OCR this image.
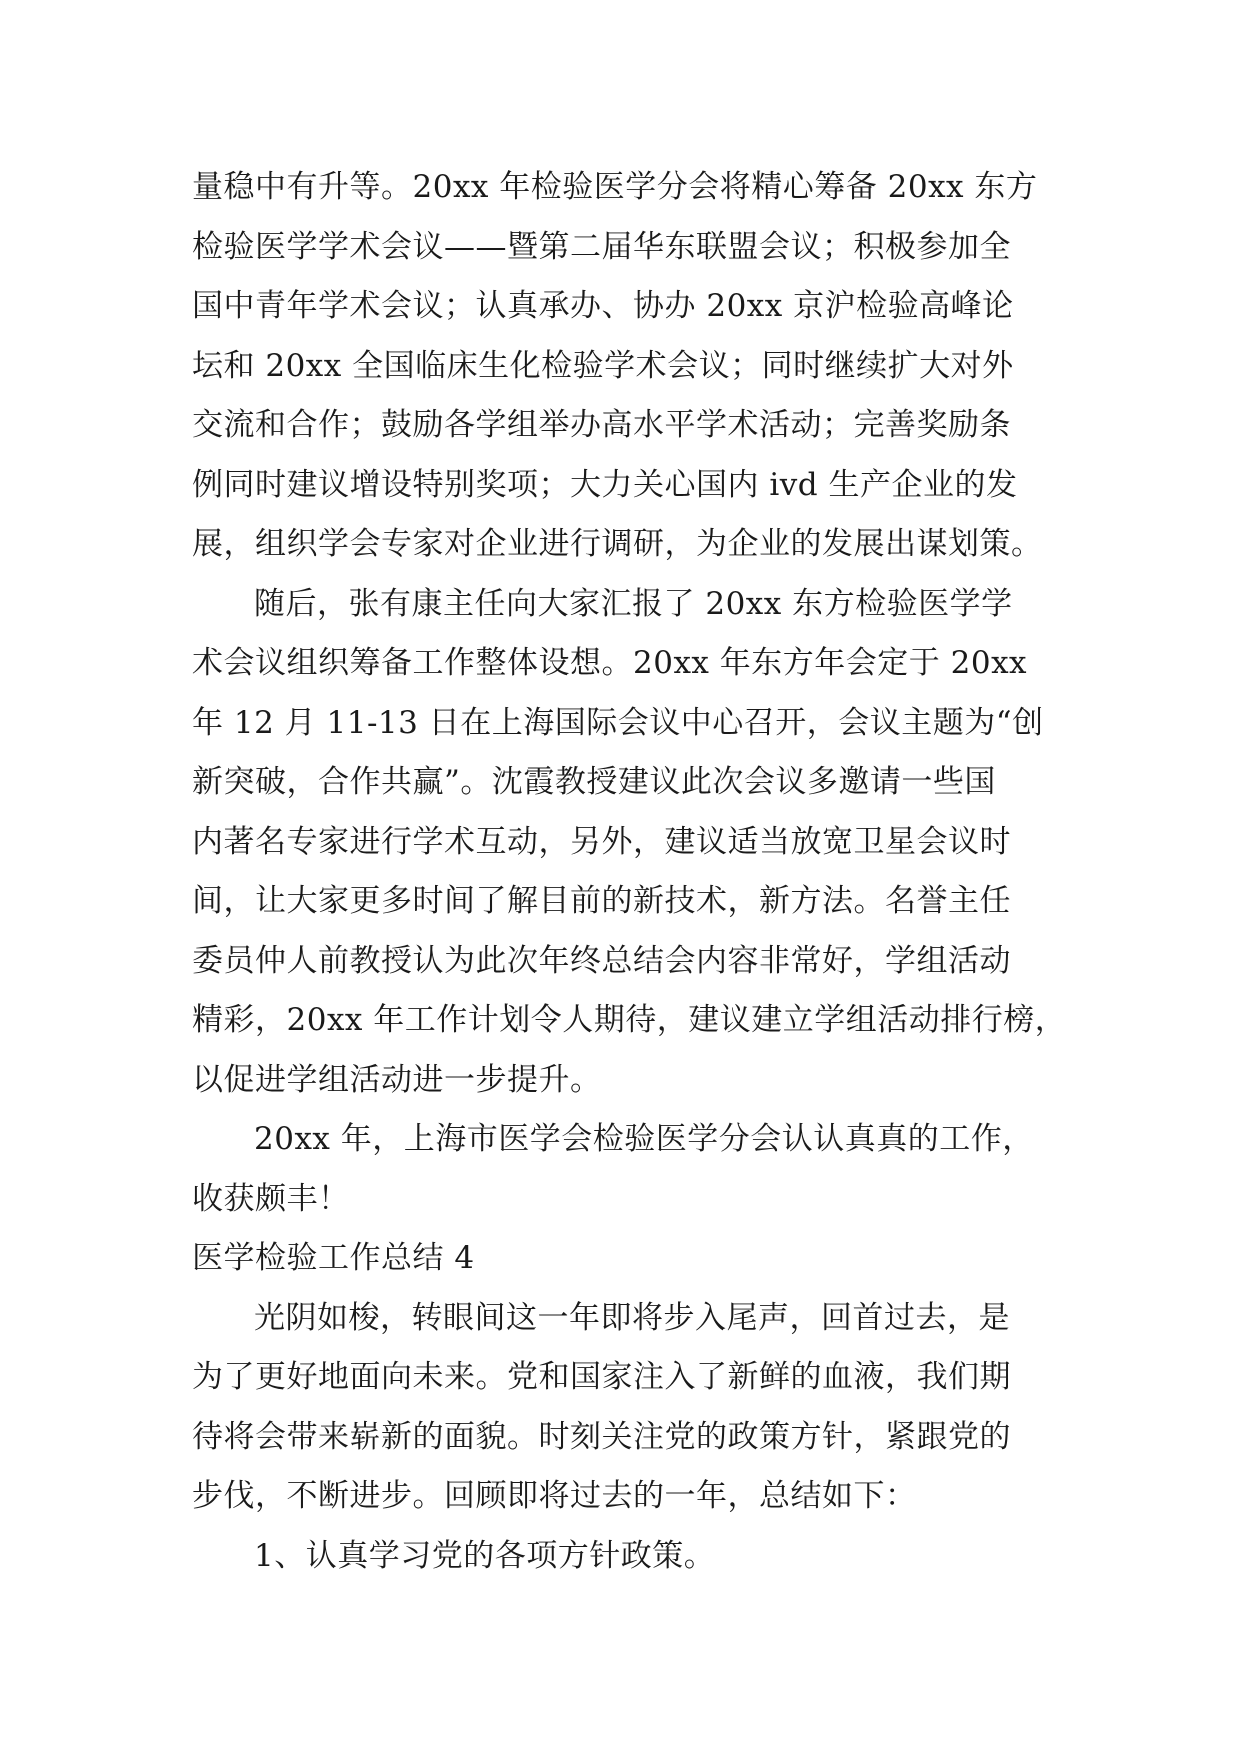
量稳中有升等。20xx 年检验医学分会将精心筹备 20xx 东方
检验医学学术会议——暨第二届华东联盟会议；积极参加全
国中青年学术会议；认真承办、协办 20xx 京沪检验高峰论
坛和 20xx 全国临床生化检验学术会议；同时继续扩大对外
交流和合作；鼓励各学组举办高水平学术活动；完善奖励条
例同时建议增设特别奖项；大力关心国内 ivd 生产企业的发
展，组织学会专家对企业进行调研，为企业的发展出谋划策。
随后，张有康主任向大家汇报了 20xx 东方检验医学学
术会议组织筹备工作整体设想。20xx 年东方年会定于 20xx
年 12 月 11-13 日在上海国际会议中心召开，会议主题为“创
新突破，合作共赢”。沈霞教授建议此次会议多邀请一些国
内著名专家进行学术互动，另外，建议适当放宽卫星会议时
间，让大家更多时间了解目前的新技术，新方法。名誉主任
委员仲人前教授认为此次年终总结会内容非常好，学组活动
精彩，20xx 年工作计划令人期待，建议建立学组活动排行榜，
以促进学组活动进一步提升。
20xx 年，上海市医学会检验医学分会认认真真的工作，
收获颇丰！
医学检验工作总结 4
光阴如梭，转眼间这一年即将步入尾声，回首过去，是
为了更好地面向未来。党和国家注入了新鲜的血液，我们期
待将会带来崭新的面貌。时刻关注党的政策方针，紧跟党的
步伐，不断进步。回顾即将过去的一年，总结如下：
1、认真学习党的各项方针政策。
